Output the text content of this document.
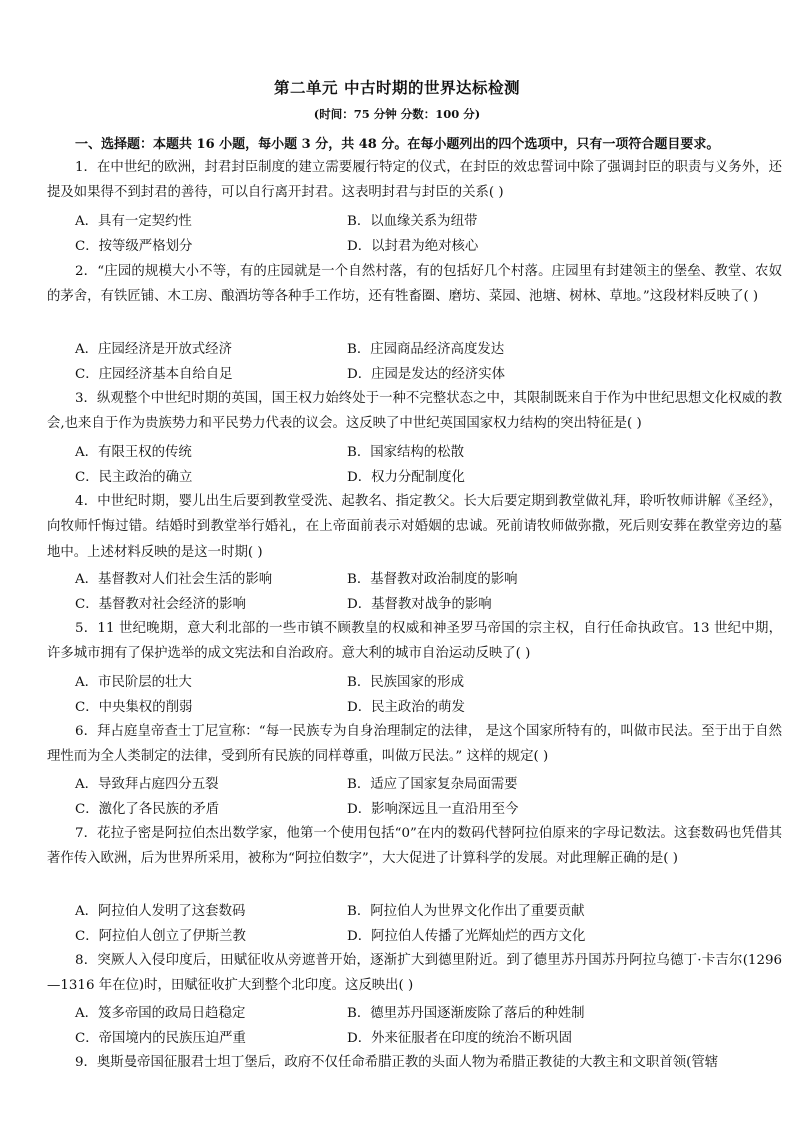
第二单元 中古时期的世界达标检测
(时间：75 分钟 分数：100 分)
一、选择题：本题共 16 小题，每小题 3 分，共 48 分。在每小题列出的四个选项中，只有一项符合题目要求。
1．在中世纪的欧洲，封君封臣制度的建立需要履行特定的仪式，在封臣的效忠誓词中除了强调封臣的职责与义务外，还提及如果得不到封君的善待，可以自行离开封君。这表明封君与封臣的关系( )
A．具有一定契约性	B．以血缘关系为纽带
C．按等级严格划分	D．以封君为绝对核心
2．“庄园的规模大小不等，有的庄园就是一个自然村落，有的包括好几个村落。庄园里有封建领主的堡垒、教堂、农奴的茅舍，有铁匠铺、木工房、酿酒坊等各种手工作坊，还有牲畜圈、磨坊、菜园、池塘、树林、草地。”这段材料反映了( )
A．庄园经济是开放式经济	B．庄园商品经济高度发达
C．庄园经济基本自给自足	D．庄园是发达的经济实体
3．纵观整个中世纪时期的英国，国王权力始终处于一种不完整状态之中，其限制既来自于作为中世纪思想文化权威的教会,也来自于作为贵族势力和平民势力代表的议会。这反映了中世纪英国国家权力结构的突出特征是( )
A．有限王权的传统	B．国家结构的松散
C．民主政治的确立	D．权力分配制度化
4．中世纪时期，婴儿出生后要到教堂受洗、起教名、指定教父。长大后要定期到教堂做礼拜，聆听牧师讲解《圣经》，向牧师忏悔过错。结婚时到教堂举行婚礼，在上帝面前表示对婚姻的忠诚。死前请牧师做弥撒，死后则安葬在教堂旁边的墓地中。上述材料反映的是这一时期( )
A．基督教对人们社会生活的影响	B．基督教对政治制度的影响
C．基督教对社会经济的影响	D．基督教对战争的影响
5．11 世纪晚期，意大利北部的一些市镇不顾教皇的权威和神圣罗马帝国的宗主权，自行任命执政官。13 世纪中期，许多城市拥有了保护选举的成文宪法和自治政府。意大利的城市自治运动反映了( )
A．市民阶层的壮大	B．民族国家的形成
C．中央集权的削弱	D．民主政治的萌发
6．拜占庭皇帝查士丁尼宣称：“每一民族专为自身治理制定的法律， 是这个国家所特有的，叫做市民法。至于出于自然理性而为全人类制定的法律，受到所有民族的同样尊重，叫做万民法。” 这样的规定( )
A．导致拜占庭四分五裂	B．适应了国家复杂局面需要
C．激化了各民族的矛盾	D．影响深远且一直沿用至今
7．花拉子密是阿拉伯杰出数学家，他第一个使用包括“0”在内的数码代替阿拉伯原来的字母记数法。这套数码也凭借其著作传入欧洲，后为世界所采用，被称为“阿拉伯数字”，大大促进了计算科学的发展。对此理解正确的是( )
A．阿拉伯人发明了这套数码	B．阿拉伯人为世界文化作出了重要贡献
C．阿拉伯人创立了伊斯兰教	D．阿拉伯人传播了光辉灿烂的西方文化
8．突厥人入侵印度后，田赋征收从旁遮普开始，逐渐扩大到德里附近。到了德里苏丹国苏丹阿拉乌德丁·卡吉尔(1296—1316 年在位)时，田赋征收扩大到整个北印度。这反映出( )
A．笈多帝国的政局日趋稳定	B．德里苏丹国逐渐废除了落后的种姓制
C．帝国境内的民族压迫严重	D．外来征服者在印度的统治不断巩固
9．奥斯曼帝国征服君士坦丁堡后，政府不仅任命希腊正教的头面人物为希腊正教徒的大教主和文职首领(管辖
